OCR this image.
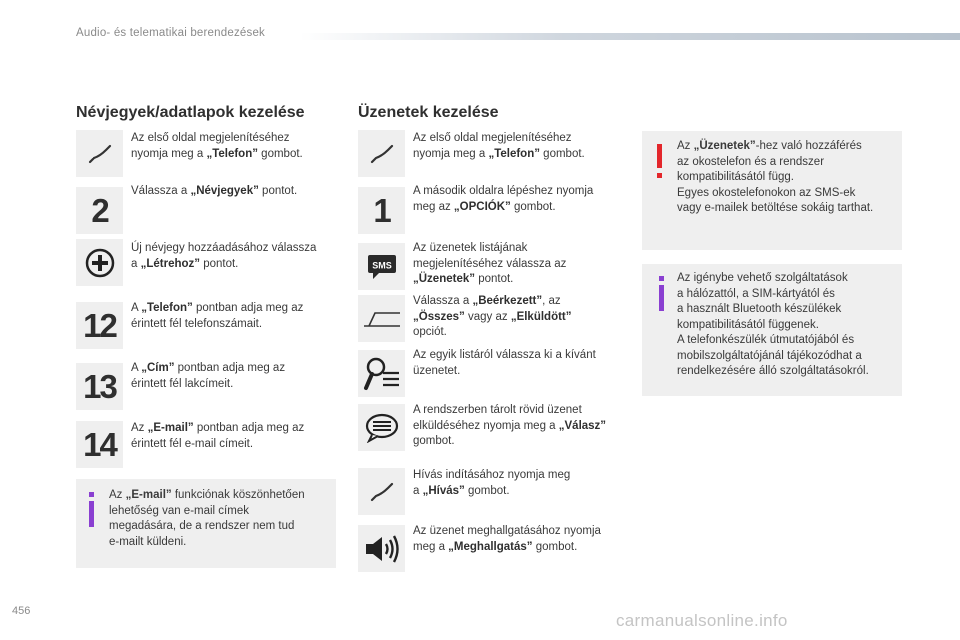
Audio- és telematikai berendezések
Névjegyek/adatlapok kezelése
Az első oldal megjelenítéséhez
nyomja meg a „Telefon” gombot.
2
Válassza a „Névjegyek” pontot.
Új névjegy hozzáadásához válassza
a „Létrehoz” pontot.
12 A „Telefon” pontban adja meg az
érintett fél telefonszámait.
13 A „Cím” pontban adja meg az
érintett fél lakcímeit.
14 Az „E-mail” pontban adja meg az
érintett fél e-mail címeit.
Az „E-mail” funkciónak köszönhetően
lehetőség van e-mail címek
megadására, de a rendszer nem tud
e-mailt küldeni.
Üzenetek kezelése
Az első oldal megjelenítéséhez
nyomja meg a „Telefon” gombot.
1
A második oldalra lépéshez nyomja
meg az „OPCIÓK” gombot.
SMS
Az üzenetek listájának
megjelenítéséhez válassza az
„Üzenetek” pontot.
Válassza a „Beérkezett”, az
„Összes” vagy az „Elküldött”
opciót.
Az egyik listáról válassza ki a kívánt
üzenetet.
A rendszerben tárolt rövid üzenet
elküldéséhez nyomja meg a „Válasz”
gombot.
Hívás indításához nyomja meg
a „Hívás” gombot.
Az üzenet meghallgatásához nyomja
meg a „Meghallgatás” gombot.
Az „Üzenetek”-hez való hozzáférés
az okostelefon és a rendszer
kompatibilitásától függ.
Egyes okostelefonokon az SMS-ek
vagy e-mailek betöltése sokáig tarthat.
Az igénybe vehető szolgáltatások
a hálózattól, a SIM-kártyától és
a használt Bluetooth készülékek
kompatibilitásától függenek.
A telefonkészülék útmutatójából és
mobilszolgáltatójánál tájékozódhat a
rendelkezésére álló szolgáltatásokról.
456	carmanualsonline.info
